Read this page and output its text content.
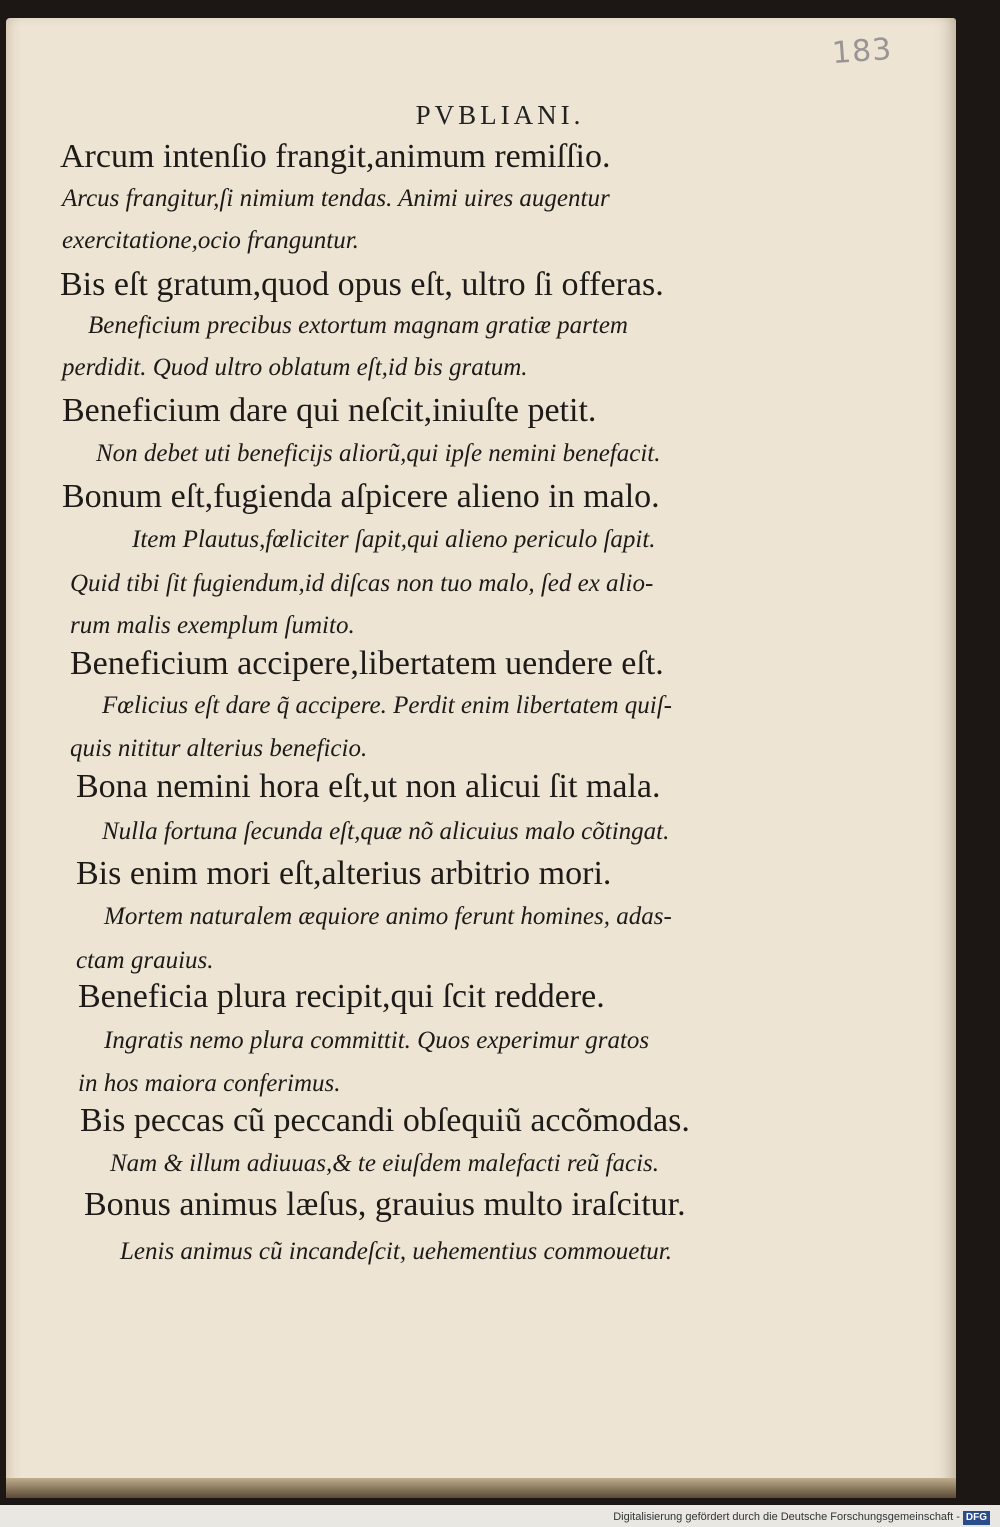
183
PVBLIANI.
Arcum intenſio frangit,animum remiſſio.
Arcus frangitur,ſi nimium tendas. Animi uires augentur
exercitatione,ocio franguntur.
Bis eſt gratum,quod opus eſt, ultro ſi offeras.
Beneficium precibus extortum magnam gratiæ partem
perdidit. Quod ultro oblatum eſt,id bis gratum.
Beneficium dare qui neſcit,iniuſte petit.
Non debet uti beneficijs aliorũ,qui ipſe nemini benefacit.
Bonum eſt,fugienda aſpicere alieno in malo.
Item Plautus,fœliciter ſapit,qui alieno periculo ſapit.
Quid tibi ſit fugiendum,id diſcas non tuo malo, ſed ex alio-
rum malis exemplum ſumito.
Beneficium accipere,libertatem uendere eſt.
Fœlicius eſt dare q̃ accipere. Perdit enim libertatem quiſ-
quis nititur alterius beneficio.
Bona nemini hora eſt,ut non alicui ſit mala.
Nulla fortuna ſecunda eſt,quæ nõ alicuius malo cõtingat.
Bis enim mori eſt,alterius arbitrio mori.
Mortem naturalem æquiore animo ferunt homines, adas-
ctam grauius.
Beneficia plura recipit,qui ſcit reddere.
Ingratis nemo plura committit. Quos experimur gratos
in hos maiora conferimus.
Bis peccas cũ peccandi obſequiũ accõmodas.
Nam & illum adiuuas,& te eiuſdem malefacti reũ facis.
Bonus animus læſus, grauius multo iraſcitur.
Lenis animus cũ incandeſcit, uehementius commouetur.
Digitalisierung gefördert durch die Deutsche Forschungsgemeinschaft - DFG
